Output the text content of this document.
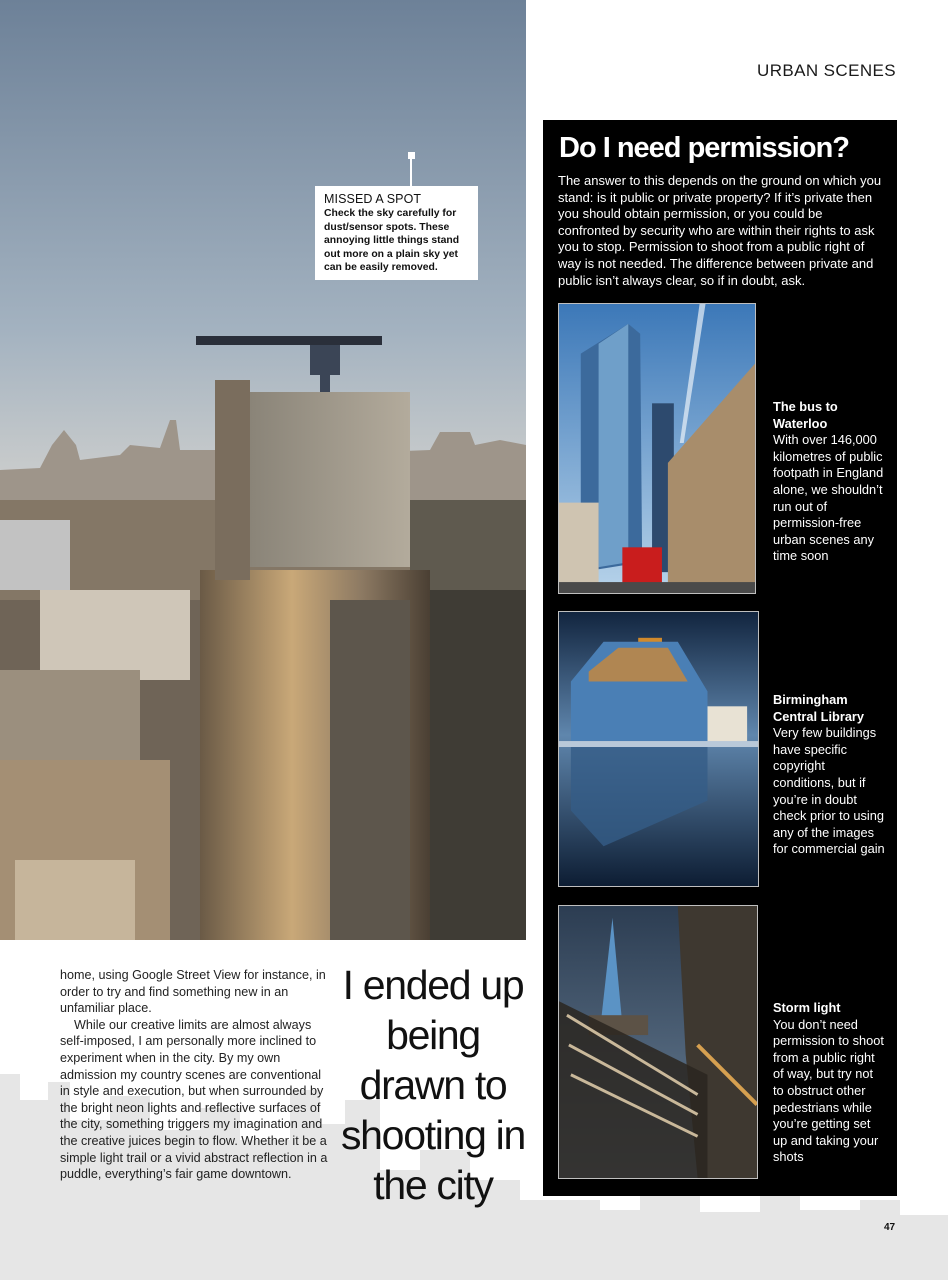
MISSED A SPOT
Check the sky carefully for dust/sensor spots. These annoying little things stand out more on a plain sky yet can be easily removed.
URBAN SCENES
Do I need permission?
The answer to this depends on the ground on which you stand: is it public or private property? If it’s private then you should obtain permission, or you could be confronted by security who are within their rights to ask you to stop. Permission to shoot from a public right of way is not needed. The difference between private and public isn’t always clear, so if in doubt, ask.
The bus to Waterloo
With over 146,000 kilometres of public footpath in England alone, we shouldn’t run out of permission-free urban scenes any time soon
Birmingham Central Library
Very few buildings have specific copyright conditions, but if you’re in doubt check prior to using any of the images for commercial gain
Storm light
You don’t need permission to shoot from a public right of way, but try not to obstruct other pedestrians while you’re getting set up and taking your shots

home, using Google Street View for instance, in order to try and find something new in an unfamiliar place.

While our creative limits are almost always self-imposed, I am personally more inclined to experiment when in the city. By my own admission my country scenes are conventional in style and execution, but when surrounded by the bright neon lights and reflective surfaces of the city, something triggers my imagination and the creative juices begin to flow. Whether it be a simple light trail or a vivid abstract reflection in a puddle, everything’s fair game downtown.

I ended up being drawn to shooting in the city
47
